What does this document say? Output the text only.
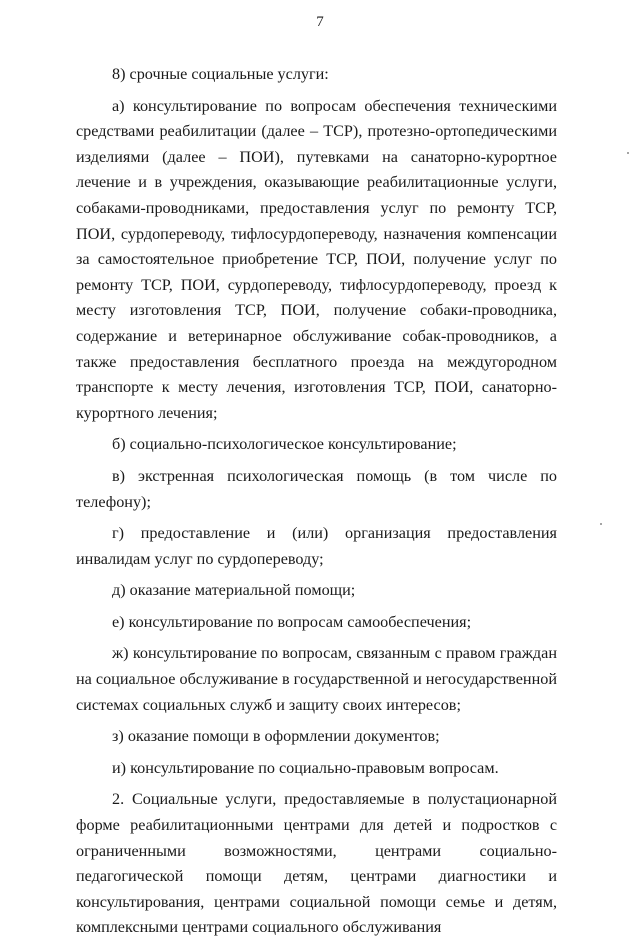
7

8) срочные социальные услуги:

а) консультирование по вопросам обеспечения техническими средствами реабилитации (далее – ТСР), протезно-ортопедическими изделиями (далее – ПОИ), путевками на санаторно-курортное лечение и в учреждения, оказывающие реабилитационные услуги, собаками-проводниками, предоставления услуг по ремонту ТСР, ПОИ, сурдопереводу, тифлосурдопереводу, назначения компенсации за самостоятельное приобретение ТСР, ПОИ, получение услуг по ремонту ТСР, ПОИ, сурдопереводу, тифлосурдопереводу, проезд к месту изготовления ТСР, ПОИ, получение собаки-проводника, содержание и ветеринарное обслуживание собак-проводников, а также предоставления бесплатного проезда на междугородном транспорте к месту лечения, изготовления ТСР, ПОИ, санаторно-курортного лечения;

б) социально-психологическое консультирование;

в) экстренная психологическая помощь (в том числе по телефону);

г) предоставление и (или) организация предоставления инвалидам услуг по сурдопереводу;

д) оказание материальной помощи;

е) консультирование по вопросам самообеспечения;

ж) консультирование по вопросам, связанным с правом граждан на социальное обслуживание в государственной и негосударственной системах социальных служб и защиту своих интересов;

з) оказание помощи в оформлении документов;

и) консультирование по социально-правовым вопросам.

2. Социальные услуги, предоставляемые в полустационарной форме реабилитационными центрами для детей и подростков с ограниченными возможностями, центрами социально-педагогической помощи детям, центрами диагностики и консультирования, центрами социальной помощи семье и детям, комплексными центрами социального обслуживания
